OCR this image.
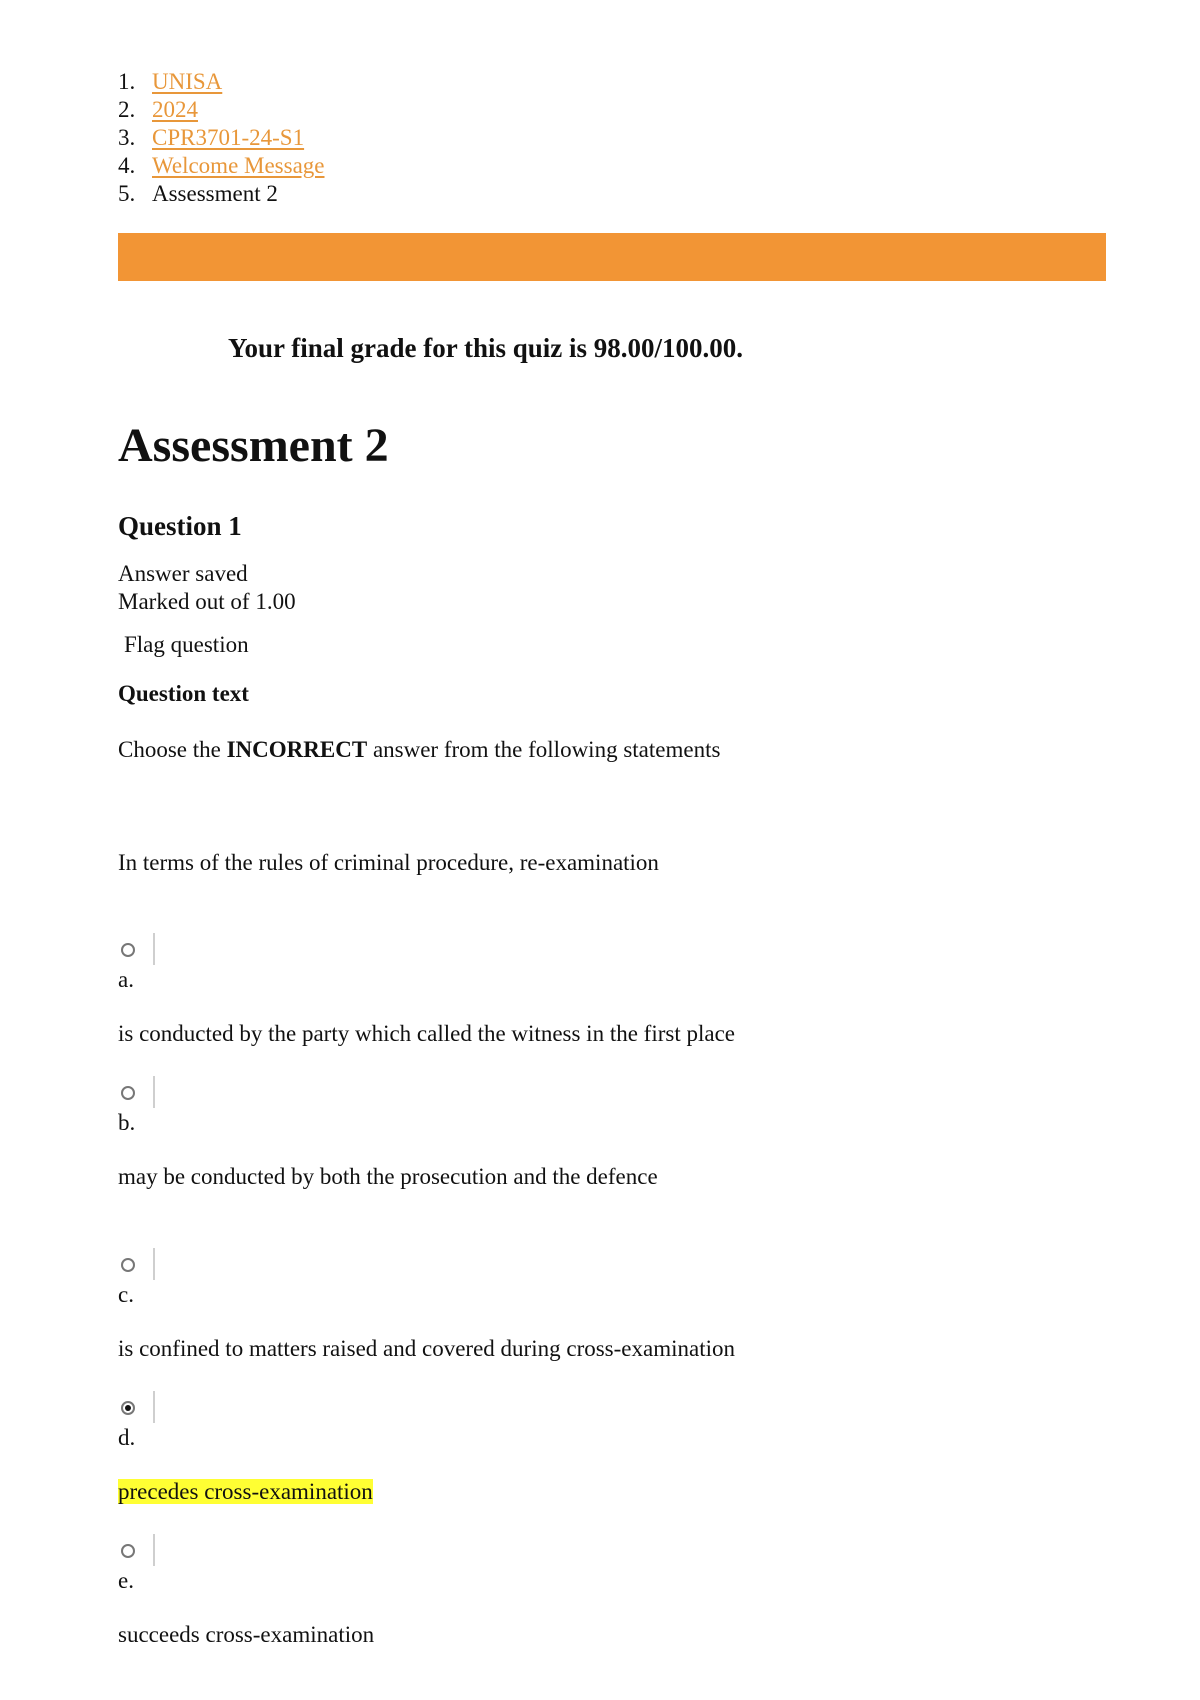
1. UNISA
2. 2024
3. CPR3701-24-S1
4. Welcome Message
5. Assessment 2
Your final grade for this quiz is 98.00/100.00.
Assessment 2
Question 1
Answer saved
Marked out of 1.00
Flag question
Question text
Choose the INCORRECT answer from the following statements
In terms of the rules of criminal procedure, re-examination
a.
is conducted by the party which called the witness in the first place
b.
may be conducted by both the prosecution and the defence
c.
is confined to matters raised and covered during cross-examination
d.
precedes cross-examination
e.
succeeds cross-examination
